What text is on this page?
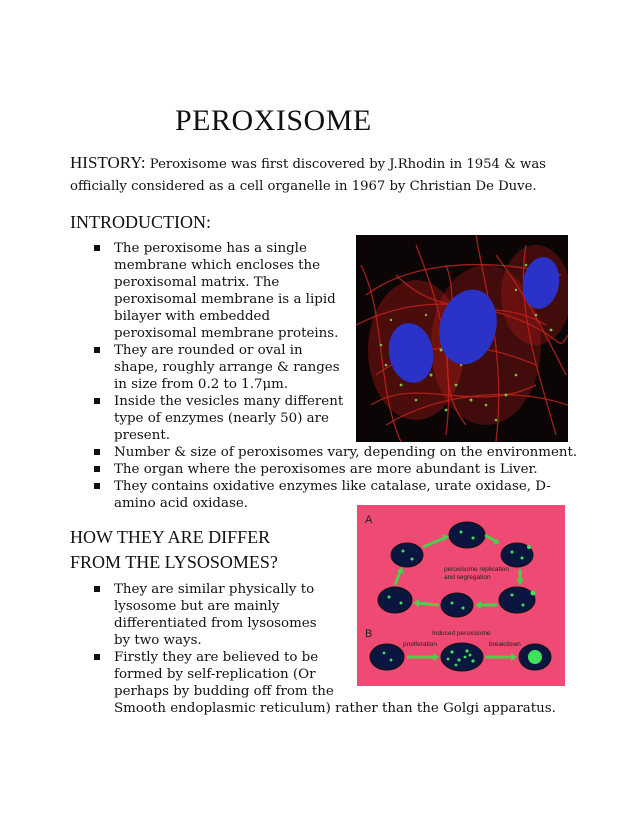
PEROXISOME
HISTORY: Peroxisome was first discovered by J.Rhodin in 1954 & was officially considered as a cell organelle in 1967 by Christian De Duve.
INTRODUCTION:
The peroxisome has a single membrane which encloses the peroxisomal matrix. The peroxisomal membrane is a lipid bilayer with embedded peroxisomal membrane proteins.
They are rounded or oval in shape, roughly arrange & ranges in size from 0.2 to 1.7μm.
Inside the vesicles many different type of enzymes (nearly 50) are present.
Number & size of peroxisomes vary, depending on the environment.
The organ where the peroxisomes are more abundant is Liver.
They contains oxidative enzymes like catalase, urate oxidase, D-amino acid oxidase.
HOW THEY ARE DIFFER
FROM THE LYSOSOMES?
A
B
peroxisome replication
and segregation
Induced peroxisome
proliferation	breakdown
They are similar physically to lysosome but are mainly differentiated from lysosomes by two ways.
Firstly they are believed to be formed by self-replication (Or perhaps by budding off from the
Smooth endoplasmic reticulum) rather than the Golgi apparatus.
